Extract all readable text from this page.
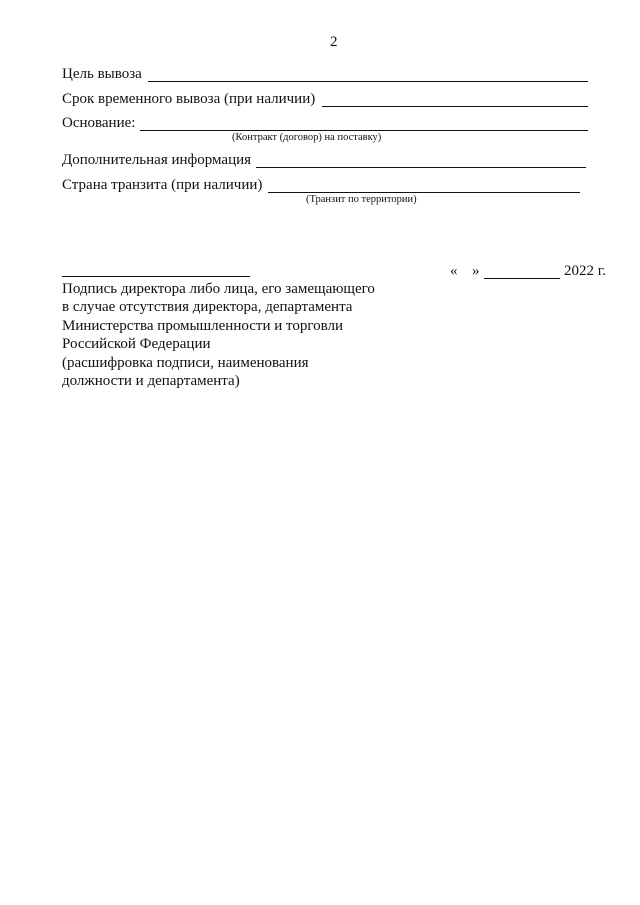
2
Цель вывоза
Срок временного вывоза (при наличии)
Основание:
(Контракт (договор) на поставку)
Дополнительная информация
Страна транзита (при наличии)
(Транзит по территории)
« »	2022 г.
Подпись директора либо лица, его замещающего
в случае отсутствия директора, департамента
Министерства промышленности и торговли
Российской Федерации
(расшифровка подписи, наименования
должности и департамента)
